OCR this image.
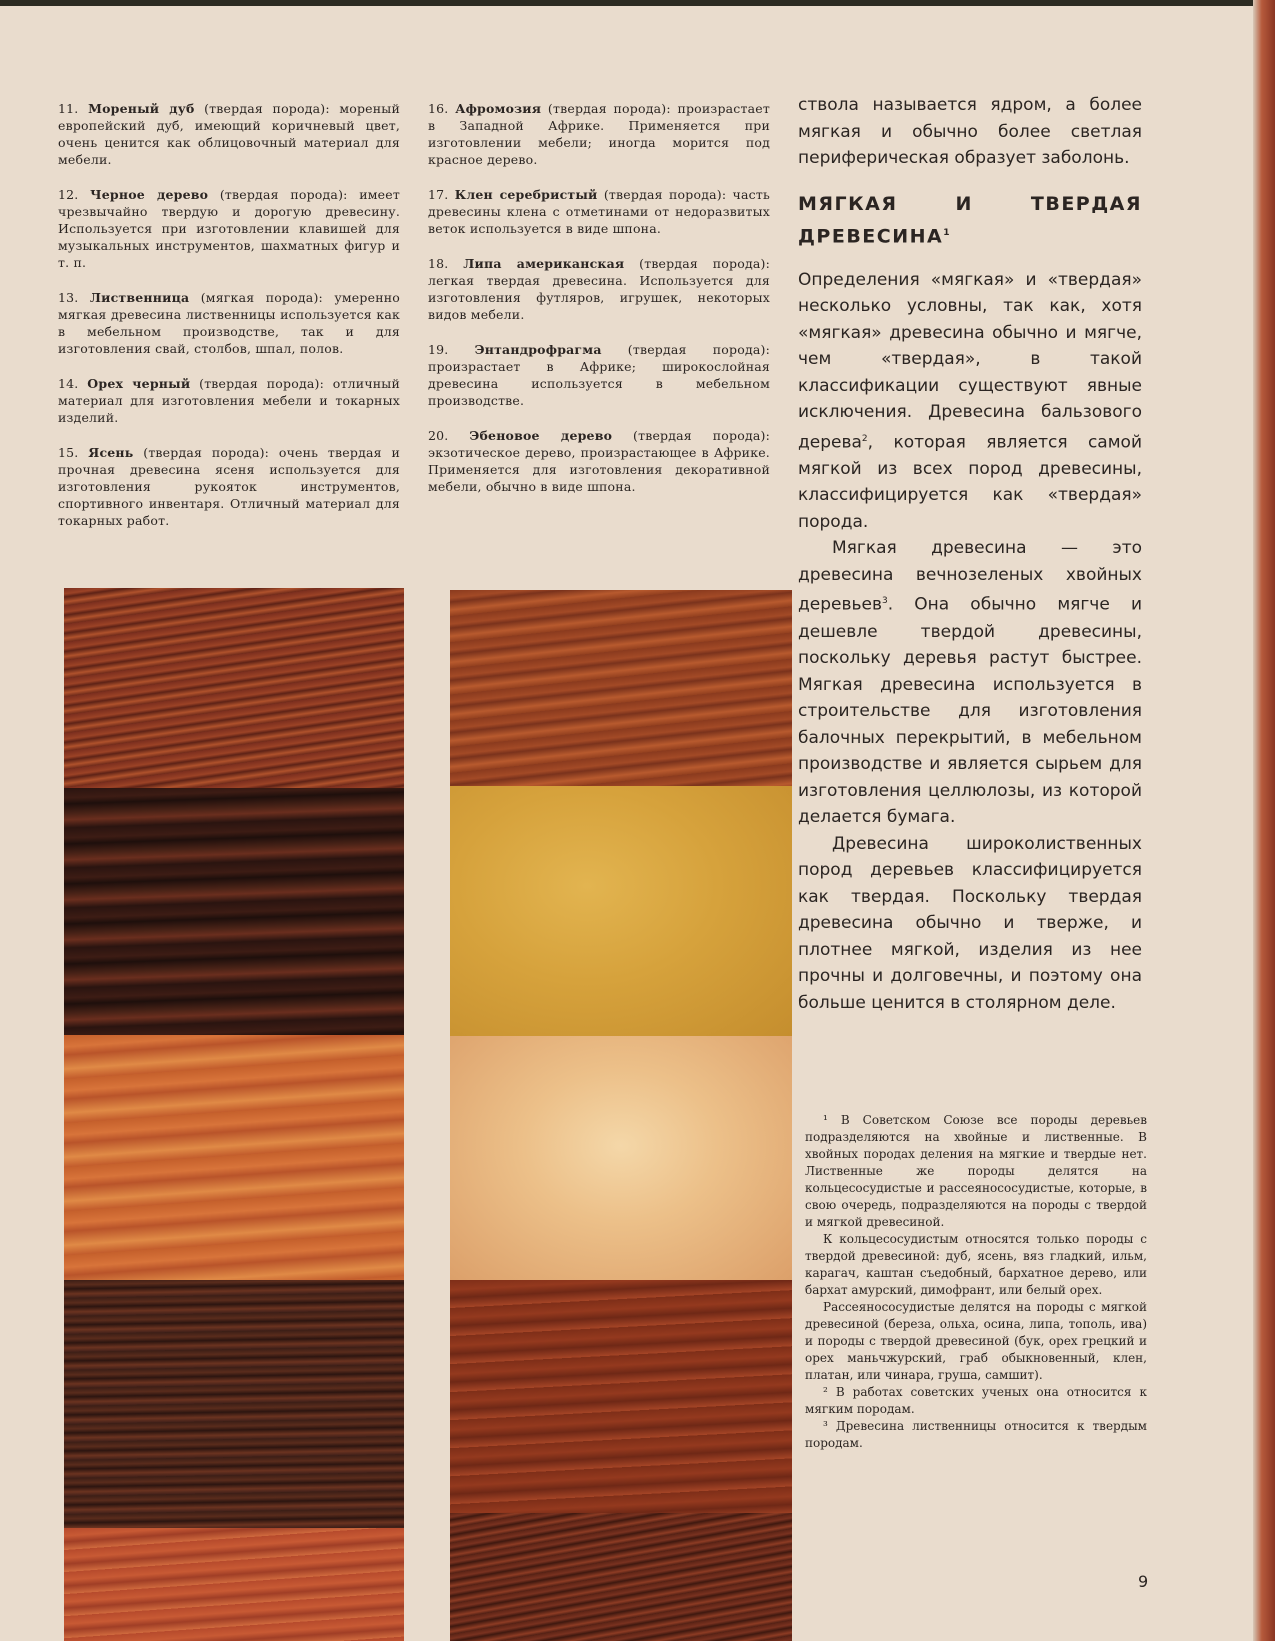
11. Мореный дуб (твердая порода): мореный европейский дуб, имеющий коричневый цвет, очень ценится как облицовочный материал для мебели.

12. Черное дерево (твердая порода): имеет чрезвычайно твердую и дорогую древесину. Используется при изготовлении клавишей для музыкальных инструментов, шахматных фигур и т. п.

13. Лиственница (мягкая порода): умеренно мягкая древесина лиственницы используется как в мебельном производстве, так и для изготовления свай, столбов, шпал, полов.

14. Орех черный (твердая порода): отличный материал для изготовления мебели и токарных изделий.

15. Ясень (твердая порода): очень твердая и прочная древесина ясеня используется для изготовления рукояток инструментов, спортивного инвентаря. Отличный материал для токарных работ.

16. Афромозия (твердая порода): произрастает в Западной Африке. Применяется при изготовлении мебели; иногда морится под красное дерево.

17. Клен серебристый (твердая порода): часть древесины клена с отметинами от недоразвитых веток используется в виде шпона.

18. Липа американская (твердая порода): легкая твердая древесина. Используется для изготовления футляров, игрушек, некоторых видов мебели.

19. Энтандрофрагма (твердая порода): произрастает в Африке; широкослойная древесина используется в мебельном производстве.

20. Эбеновое дерево (твердая порода): экзотическое дерево, произрастающее в Африке. Применяется для изготовления декоративной мебели, обычно в виде шпона.

ствола называется ядром, а более мягкая и обычно более светлая периферическая образует заболонь.

МЯГКАЯ И ТВЕРДАЯ ДРЕВЕСИНА$^1$

Определения «мягкая» и «твердая» несколько условны, так как, хотя «мягкая» древесина обычно и мягче, чем «твердая», в такой классификации существуют явные исключения. Древесина бальзового дерева$^2$, которая является самой мягкой из всех пород древесины, классифицируется как «твердая» порода.

Мягкая древесина — это древесина вечнозеленых хвойных деревьев$^3$. Она обычно мягче и дешевле твердой древесины, поскольку деревья растут быстрее. Мягкая древесина используется в строительстве для изготовления балочных перекрытий, в мебельном производстве и является сырьем для изготовления целлюлозы, из которой делается бумага.

Древесина широколиственных пород деревьев классифицируется как твердая. Поскольку твердая древесина обычно и тверже, и плотнее мягкой, изделия из нее прочны и долговечны, и поэтому она больше ценится в столярном деле.

¹ В Советском Союзе все породы деревьев подразделяются на хвойные и лиственные. В хвойных породах деления на мягкие и твердые нет. Лиственные же породы делятся на кольцесосудистые и рассеянососудистые, которые, в свою очередь, подразделяются на породы с твердой и мягкой древесиной.

К кольцесосудистым относятся только породы с твердой древесиной: дуб, ясень, вяз гладкий, ильм, карагач, каштан съедобный, бархатное дерево, или бархат амурский, димофрант, или белый орех.

Рассеянососудистые делятся на породы с мягкой древесиной (береза, ольха, осина, липа, тополь, ива) и породы с твердой древесиной (бук, орех грецкий и орех маньчжурский, граб обыкновенный, клен, платан, или чинара, груша, самшит).

² В работах советских ученых она относится к мягким породам.

³ Древесина лиственницы относится к твердым породам.

9
